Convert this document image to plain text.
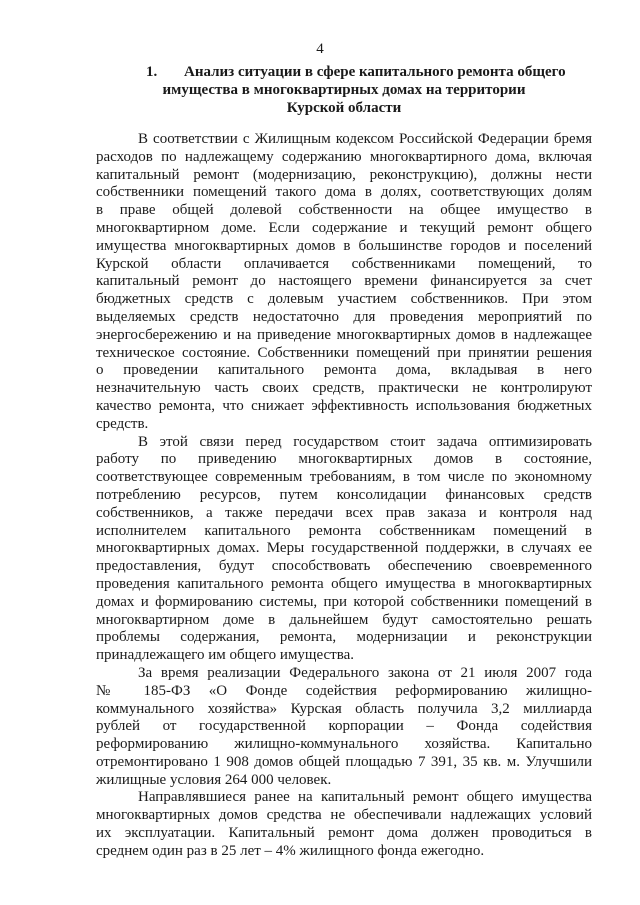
4
1. Анализ ситуации в сфере капитального ремонта общего
имущества в многоквартирных домах на территории
Курской области
В соответствии с Жилищным кодексом Российской Федерации бремя
расходов по надлежащему содержанию многоквартирного дома, включая
капитальный ремонт (модернизацию, реконструкцию), должны нести
собственники помещений такого дома в долях, соответствующих долям
в праве общей долевой собственности на общее имущество в
многоквартирном доме. Если содержание и текущий ремонт общего
имущества многоквартирных домов в большинстве городов и поселений
Курской области оплачивается собственниками помещений, то
капитальный ремонт до настоящего времени финансируется за счет
бюджетных средств с долевым участием собственников. При этом
выделяемых средств недостаточно для проведения мероприятий по
энергосбережению и на приведение многоквартирных домов в надлежащее
техническое состояние. Собственники помещений при принятии решения
о проведении капитального ремонта дома, вкладывая в него
незначительную часть своих средств, практически не контролируют
качество ремонта, что снижает эффективность использования бюджетных
средств.
В этой связи перед государством стоит задача оптимизировать
работу по приведению многоквартирных домов в состояние,
соответствующее современным требованиям, в том числе по экономному
потреблению ресурсов, путем консолидации финансовых средств
собственников, а также передачи всех прав заказа и контроля над
исполнителем капитального ремонта собственникам помещений в
многоквартирных домах. Меры государственной поддержки, в случаях ее
предоставления, будут способствовать обеспечению своевременного
проведения капитального ремонта общего имущества в многоквартирных
домах и формированию системы, при которой собственники помещений в
многоквартирном доме в дальнейшем будут самостоятельно решать
проблемы содержания, ремонта, модернизации и реконструкции
принадлежащего им общего имущества.
За время реализации Федерального закона от 21 июля 2007 года
№ 185-ФЗ «О Фонде содействия реформированию жилищно-
коммунального хозяйства» Курская область получила 3,2 миллиарда
рублей от государственной корпорации – Фонда содействия
реформированию жилищно-коммунального хозяйства. Капитально
отремонтировано 1 908 домов общей площадью 7 391, 35 кв. м. Улучшили
жилищные условия 264 000 человек.
Направлявшиеся ранее на капитальный ремонт общего имущества
многоквартирных домов средства не обеспечивали надлежащих условий
их эксплуатации. Капитальный ремонт дома должен проводиться в
среднем один раз в 25 лет – 4% жилищного фонда ежегодно.
